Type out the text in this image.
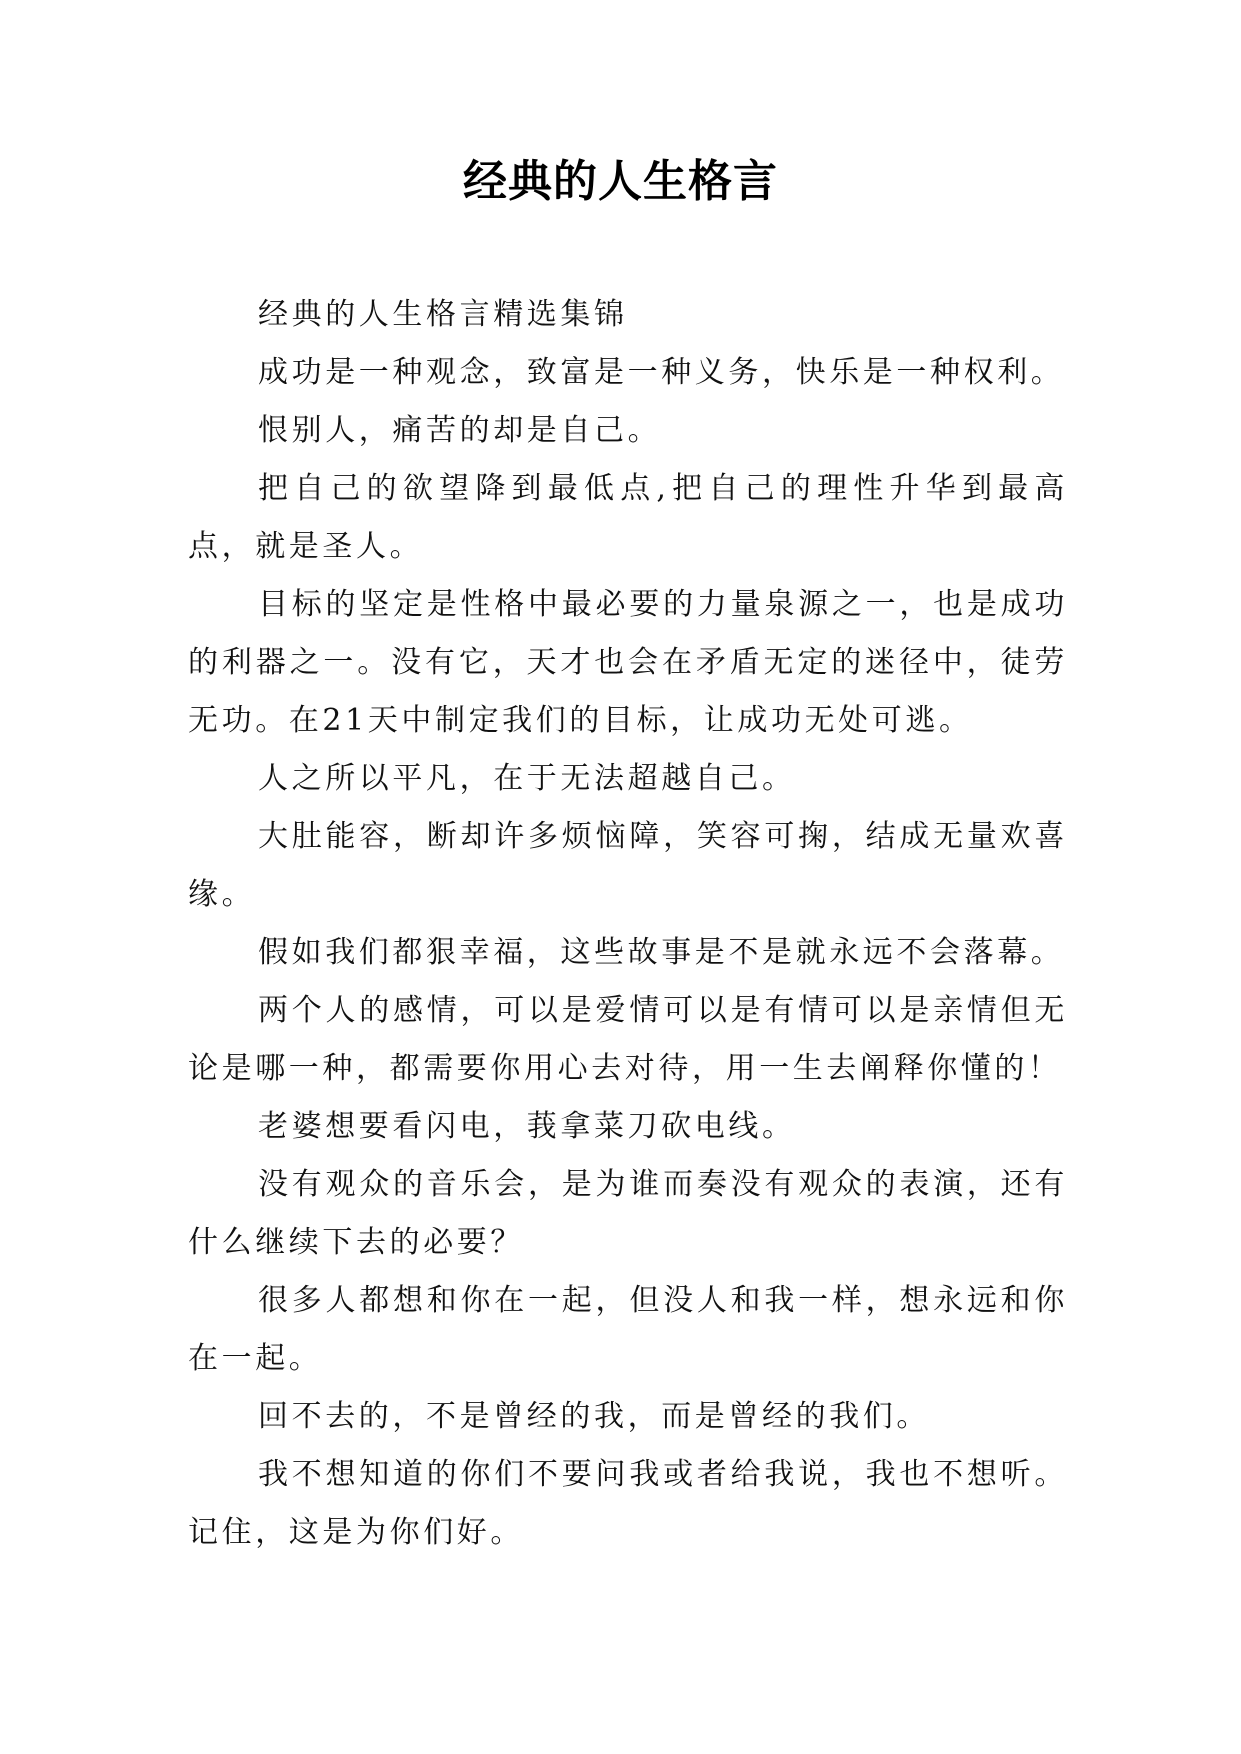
经典的人生格言

经典的人生格言精选集锦

成功是一种观念，致富是一种义务，快乐是一种权利。

恨别人，痛苦的却是自己。

把自己的欲望降到最低点,把自己的理性升华到最高点，就是圣人。

目标的坚定是性格中最必要的力量泉源之一，也是成功的利器之一。没有它，天才也会在矛盾无定的迷径中，徒劳无功。在21天中制定我们的目标，让成功无处可逃。

人之所以平凡，在于无法超越自己。

大肚能容，断却许多烦恼障，笑容可掬，结成无量欢喜缘。

假如我们都狠幸福，这些故事是不是就永远不会落幕。

两个人的感情，可以是爱情可以是有情可以是亲情但无论是哪一种，都需要你用心去对待，用一生去阐释你懂的！

老婆想要看闪电，莪拿菜刀砍电线。

没有观众的音乐会，是为谁而奏没有观众的表演，还有什么继续下去的必要？

很多人都想和你在一起，但没人和我一样，想永远和你在一起。

回不去的，不是曾经的我，而是曾经的我们。

我不想知道的你们不要问我或者给我说，我也不想听。记住，这是为你们好。
